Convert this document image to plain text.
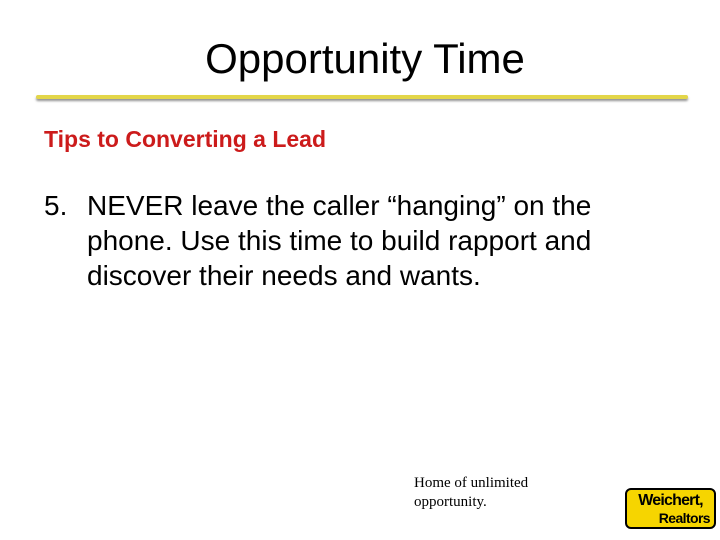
Opportunity Time
Tips to Converting a Lead
5. NEVER leave the caller “hanging” on the
phone. Use this time to build rapport and
discover their needs and wants.
Home of unlimited
opportunity.	Weichert,
Realtors
